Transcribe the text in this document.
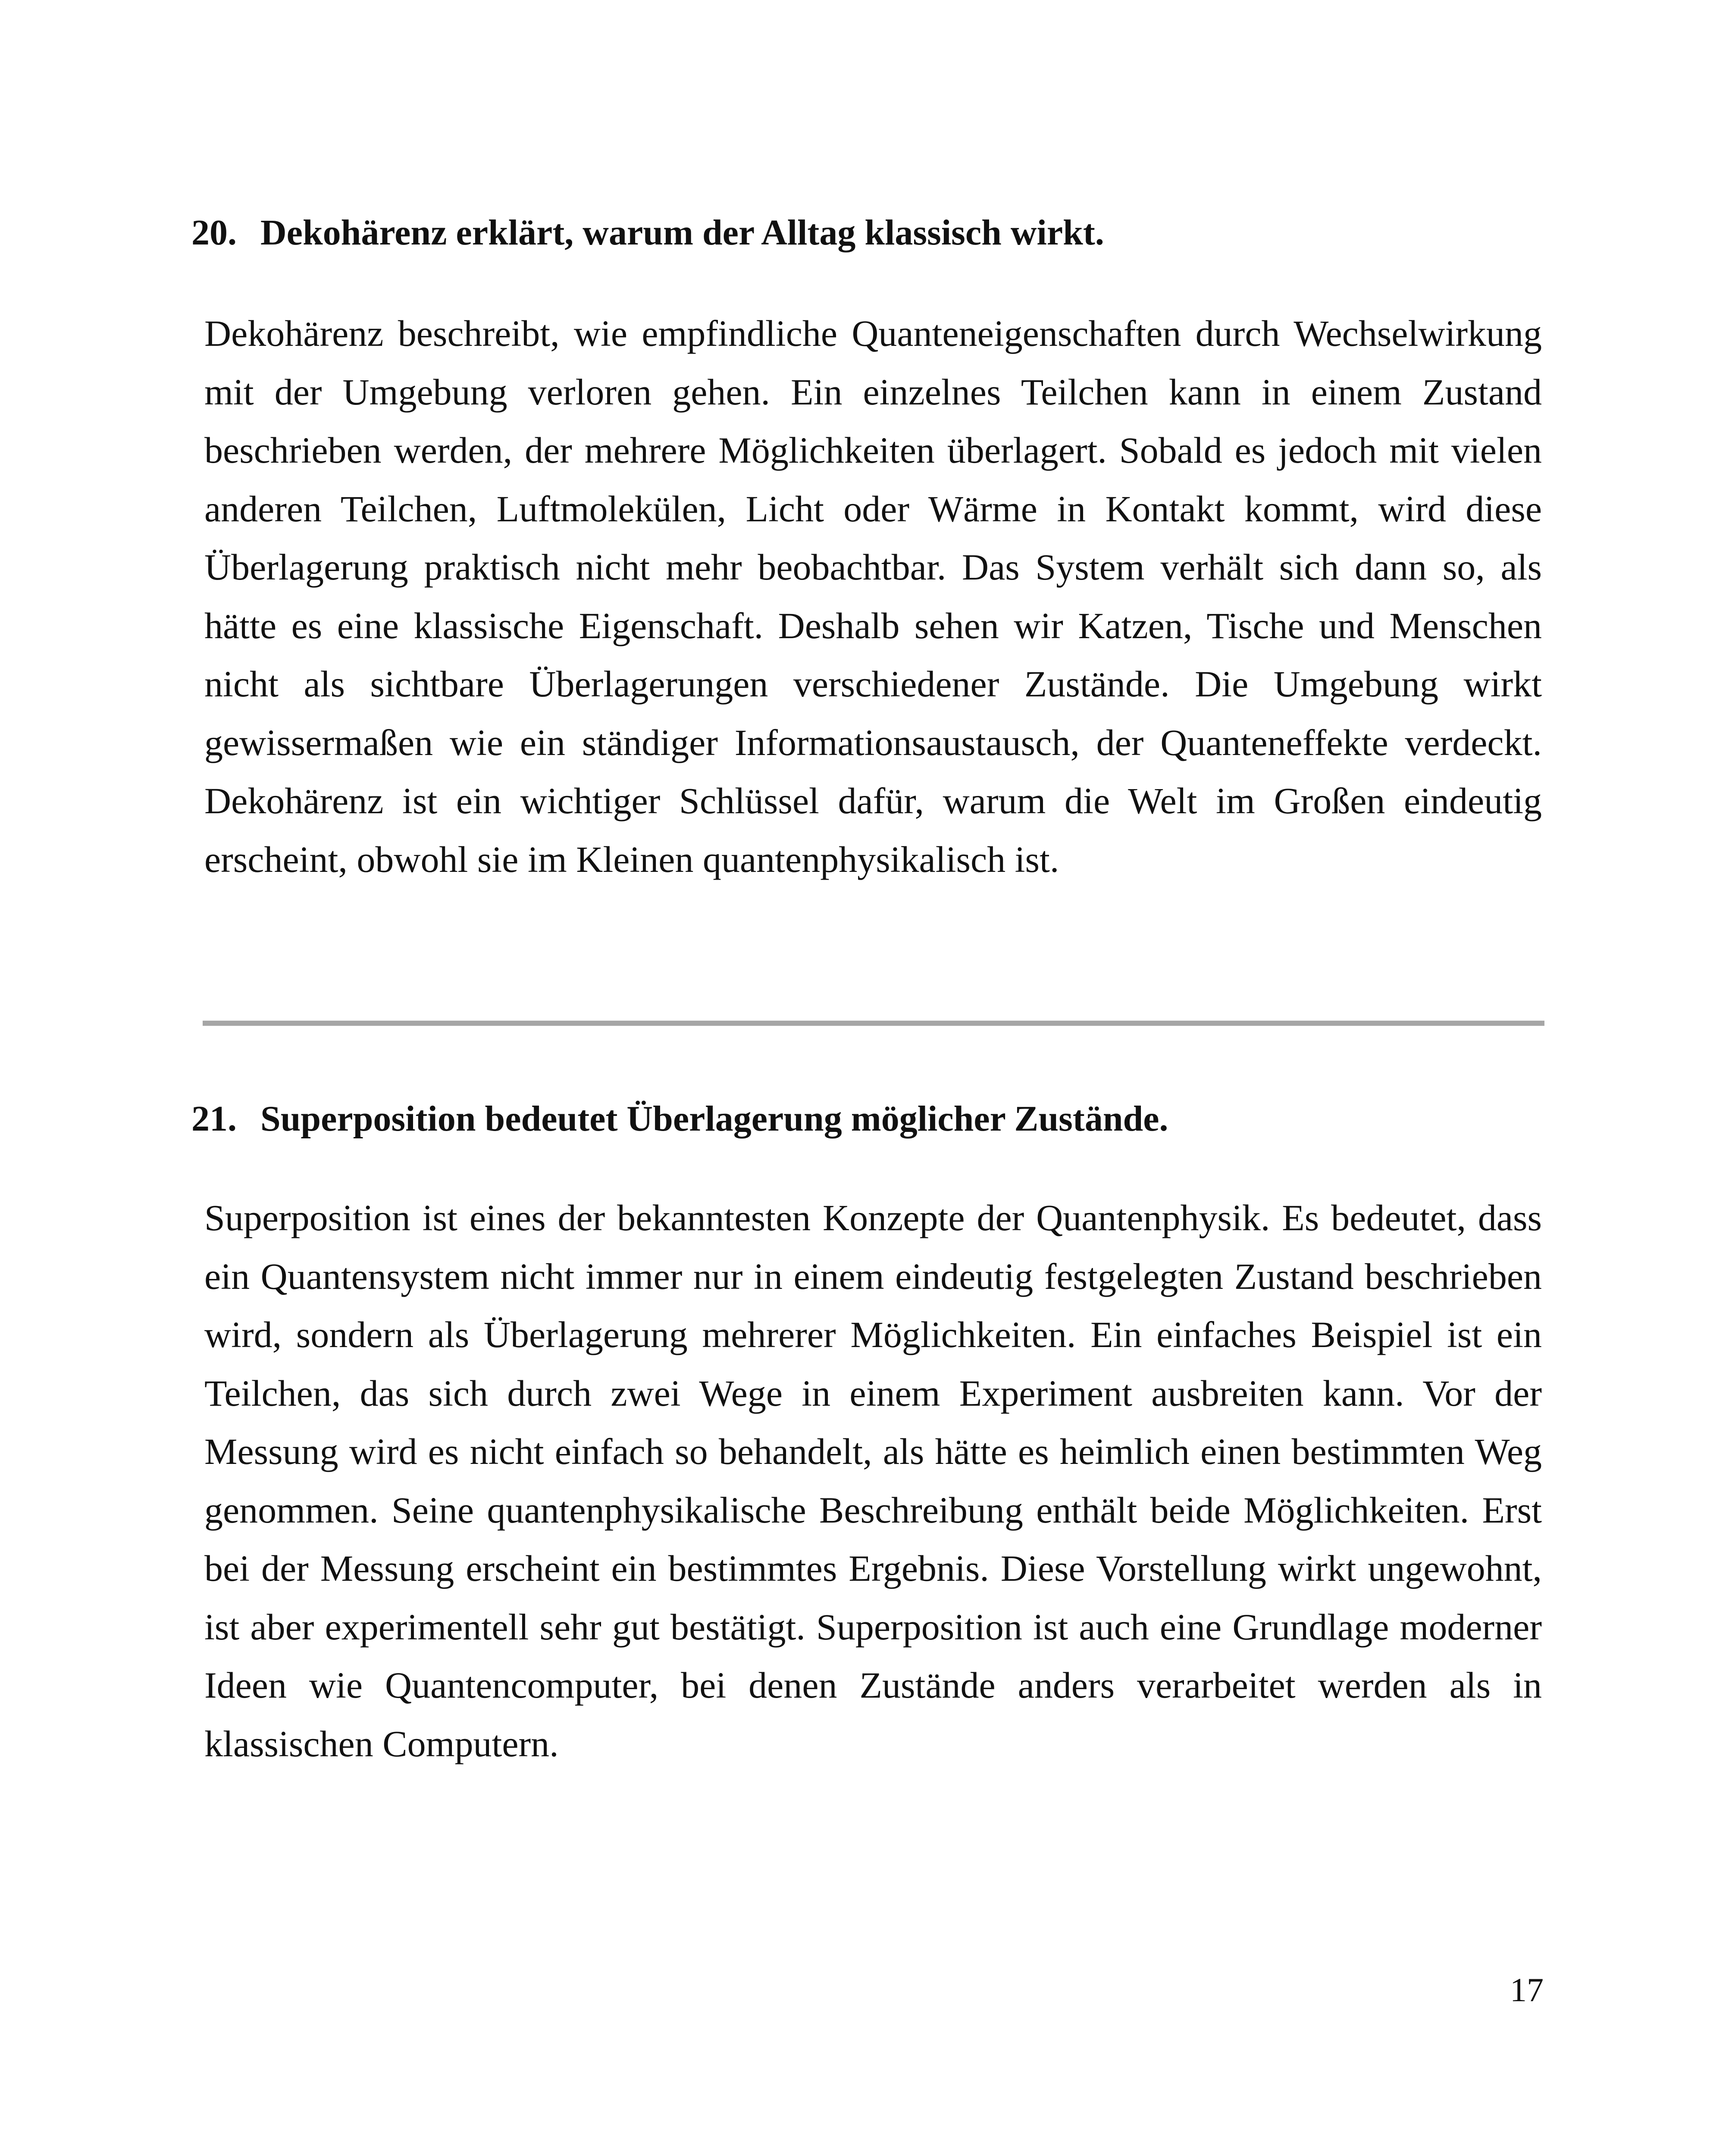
20. Dekohärenz erklärt, warum der Alltag klassisch wirkt.

Dekohärenz beschreibt, wie empfindliche Quanteneigenschaften durch Wechselwirkung mit der Umgebung verloren gehen. Ein einzelnes Teilchen kann in einem Zustand beschrieben werden, der mehrere Möglichkeiten überlagert. Sobald es jedoch mit vielen anderen Teilchen, Luftmolekülen, Licht oder Wärme in Kontakt kommt, wird diese Überlagerung praktisch nicht mehr beobachtbar. Das System verhält sich dann so, als hätte es eine klassische Eigenschaft. Deshalb sehen wir Katzen, Tische und Menschen nicht als sichtbare Überlagerungen verschiedener Zustände. Die Umgebung wirkt gewissermaßen wie ein ständiger Informationsaustausch, der Quanteneffekte verdeckt. Dekohärenz ist ein wichtiger Schlüssel dafür, warum die Welt im Großen eindeutig erscheint, obwohl sie im Kleinen quantenphysikalisch ist.

21. Superposition bedeutet Überlagerung möglicher Zustände.

Superposition ist eines der bekanntesten Konzepte der Quantenphysik. Es bedeutet, dass ein Quantensystem nicht immer nur in einem eindeutig festgelegten Zustand beschrieben wird, sondern als Überlagerung mehrerer Möglichkeiten. Ein einfaches Beispiel ist ein Teilchen, das sich durch zwei Wege in einem Experiment ausbreiten kann. Vor der Messung wird es nicht einfach so behandelt, als hätte es heimlich einen bestimmten Weg genommen. Seine quantenphysikalische Beschreibung enthält beide Möglichkeiten. Erst bei der Messung erscheint ein bestimmtes Ergebnis. Diese Vorstellung wirkt ungewohnt, ist aber experimentell sehr gut bestätigt. Superposition ist auch eine Grundlage moderner Ideen wie Quantencomputer, bei denen Zustände anders verarbeitet werden als in klassischen Computern.

17
